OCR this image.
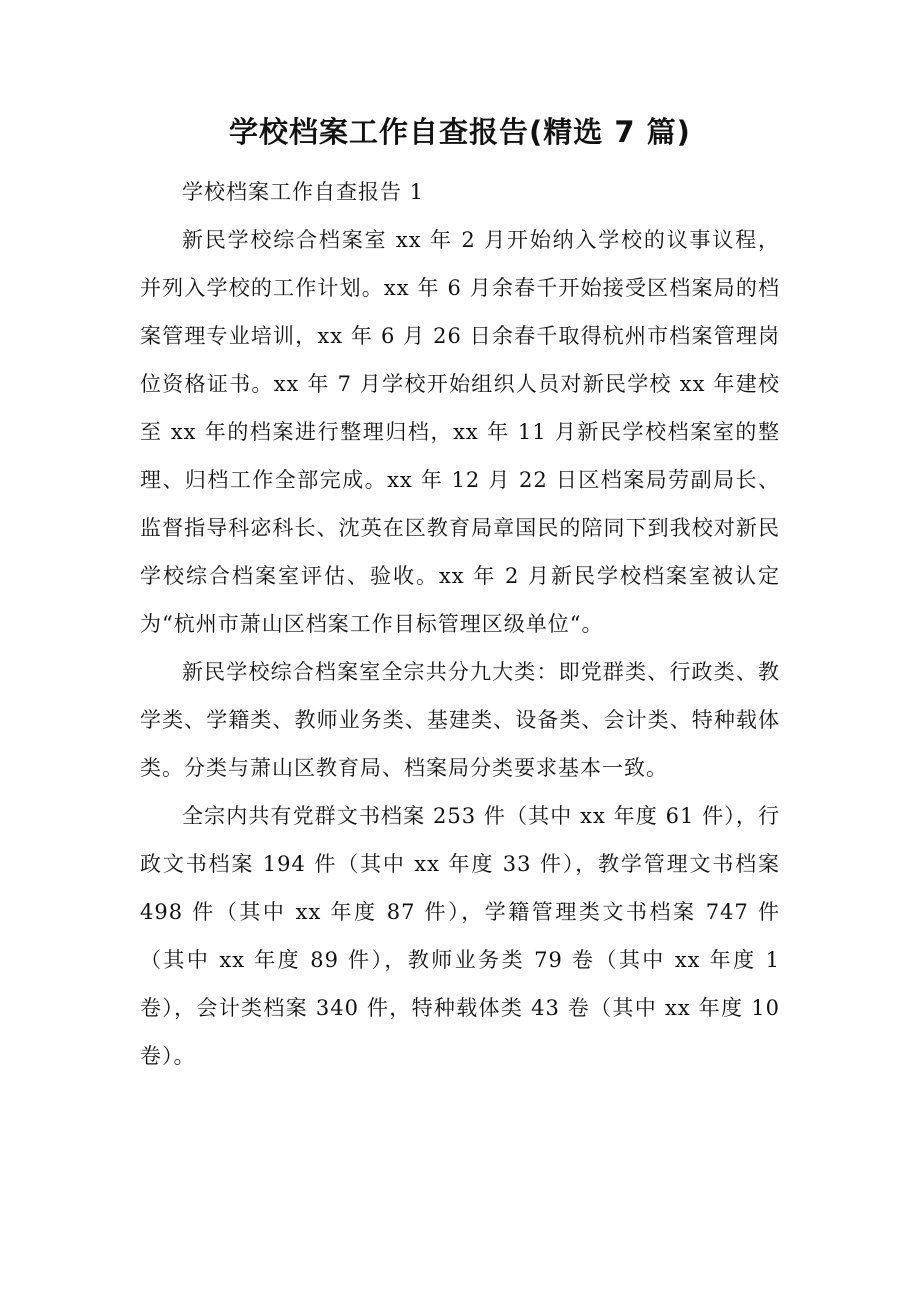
学校档案工作自查报告(精选 7 篇)

学校档案工作自查报告 1

新民学校综合档案室 xx 年 2 月开始纳入学校的议事议程，并列入学校的工作计划。xx 年 6 月余春千开始接受区档案局的档案管理专业培训，xx 年 6 月 26 日余春千取得杭州市档案管理岗位资格证书。xx 年 7 月学校开始组织人员对新民学校 xx 年建校至 xx 年的档案进行整理归档，xx 年 11 月新民学校档案室的整理、归档工作全部完成。xx 年 12 月 22 日区档案局劳副局长、监督指导科宓科长、沈英在区教育局章国民的陪同下到我校对新民学校综合档案室评估、验收。xx 年 2 月新民学校档案室被认定为“杭州市萧山区档案工作目标管理区级单位“。

新民学校综合档案室全宗共分九大类：即党群类、行政类、教学类、学籍类、教师业务类、基建类、设备类、会计类、特种载体类。分类与萧山区教育局、档案局分类要求基本一致。

全宗内共有党群文书档案 253 件（其中 xx 年度 61 件），行政文书档案 194 件（其中 xx 年度 33 件），教学管理文书档案 498 件（其中 xx 年度 87 件），学籍管理类文书档案 747 件（其中 xx 年度 89 件），教师业务类 79 卷（其中 xx 年度 1 卷），会计类档案 340 件，特种载体类 43 卷（其中 xx 年度 10 卷）。
